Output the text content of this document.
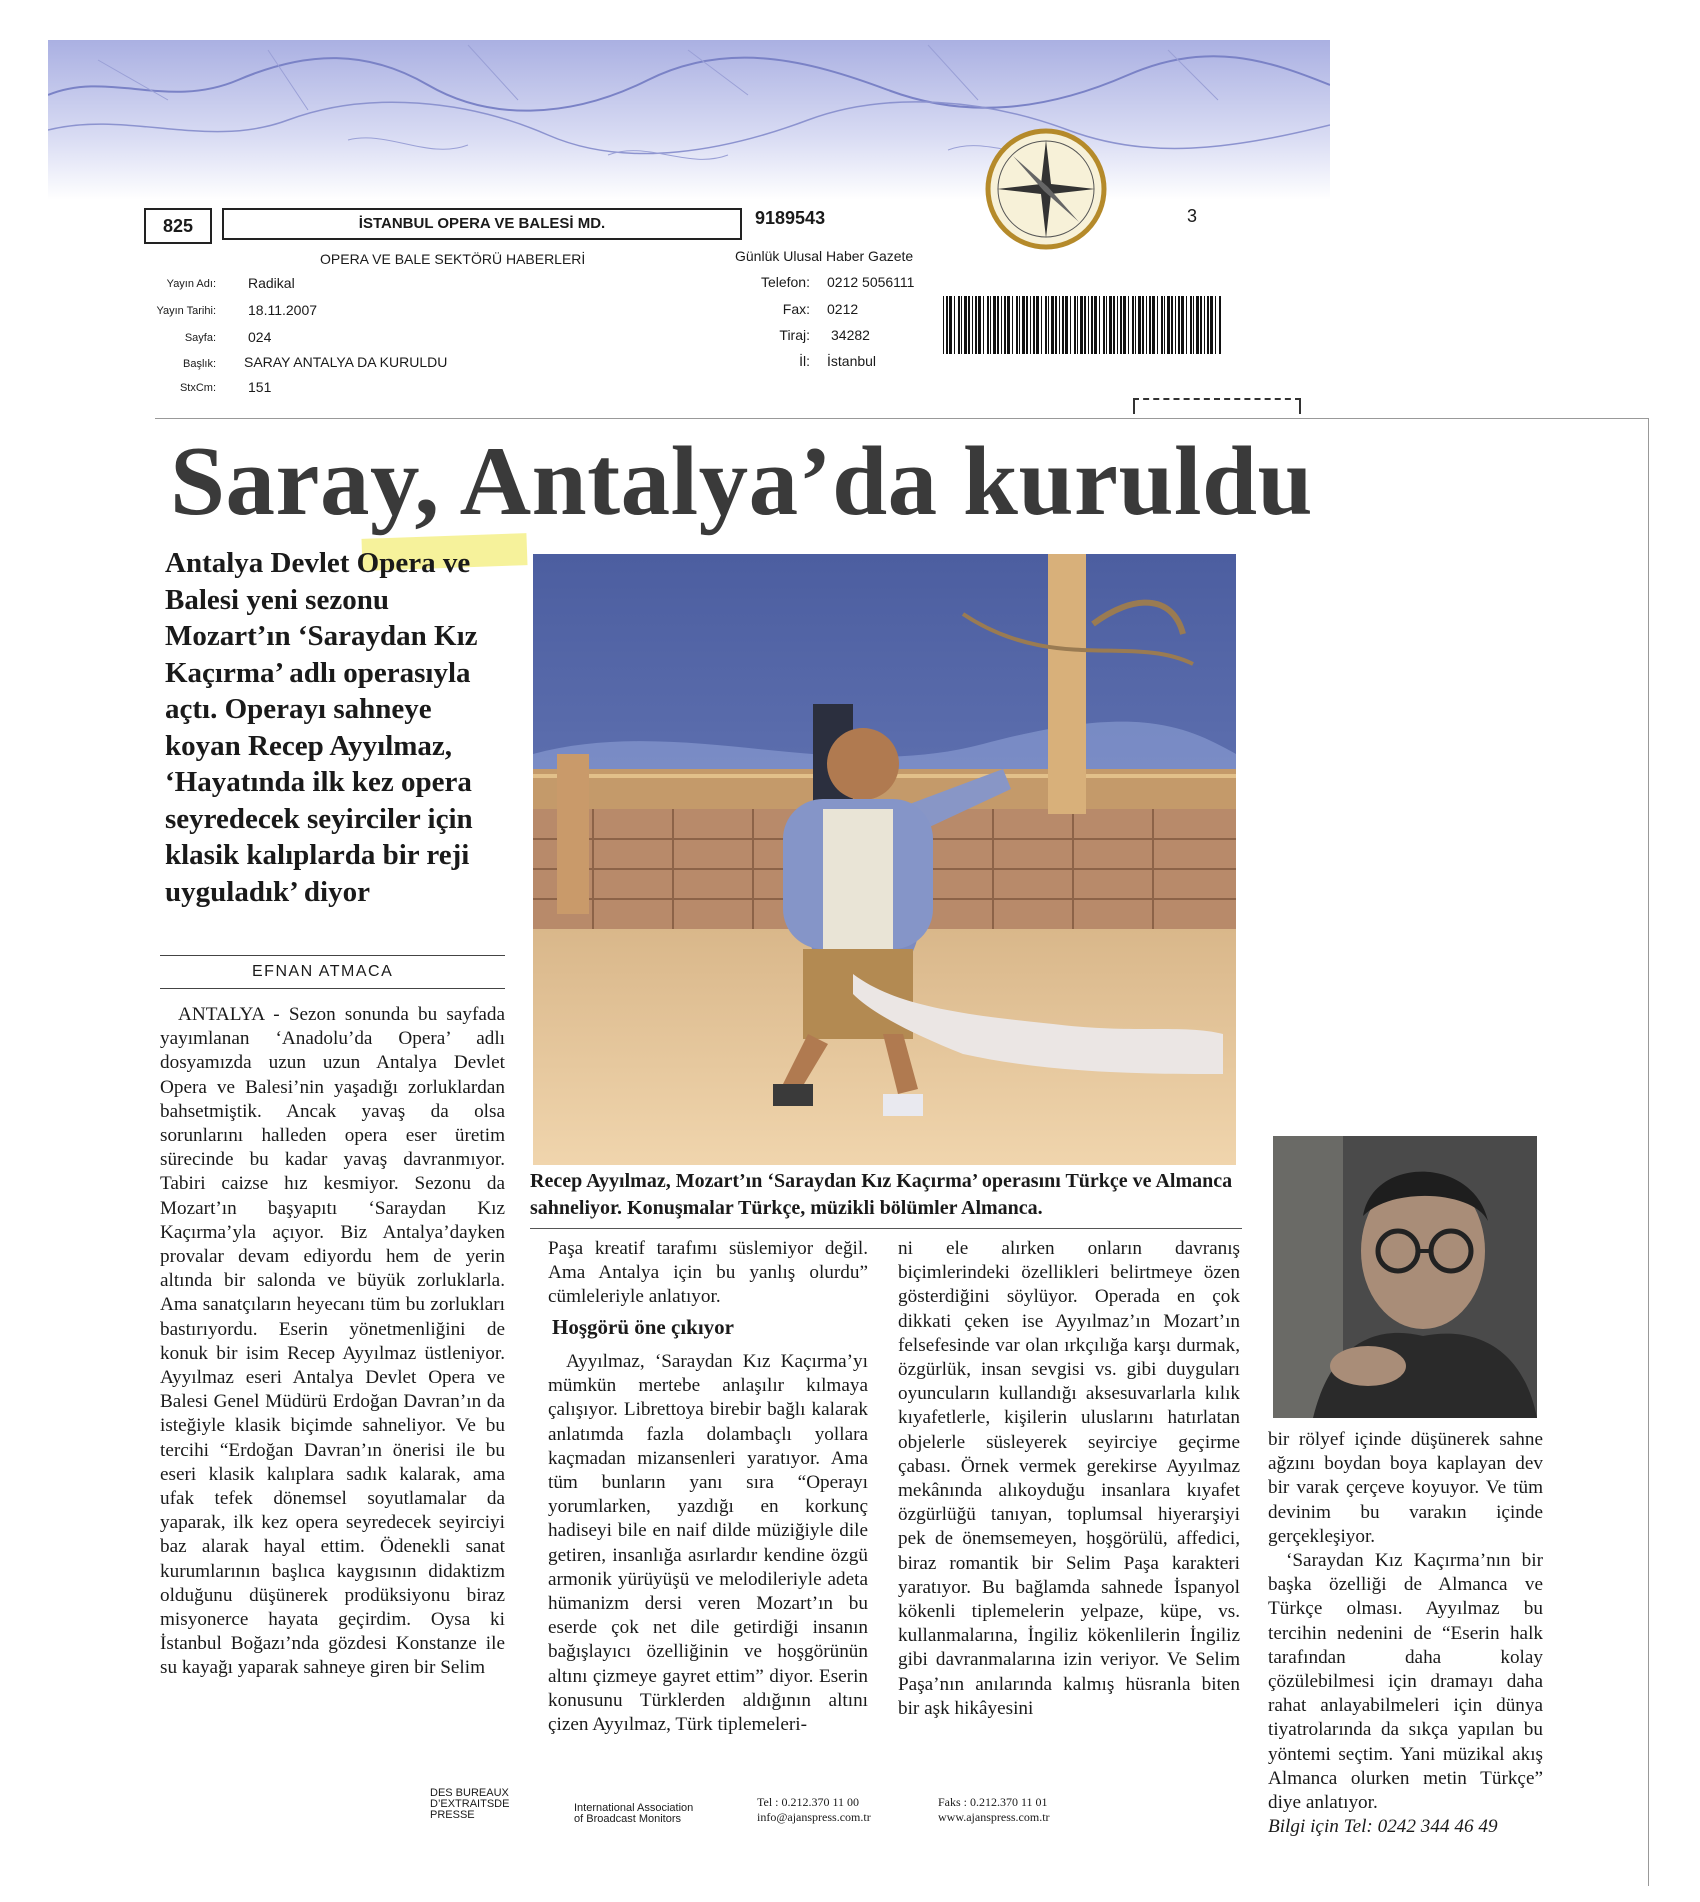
825	İSTANBUL OPERA VE BALESİ MD.	9189543	3
OPERA VE BALE SEKTÖRÜ HABERLERİ	Günlük Ulusal Haber Gazete
Yayın Adı: Radikal
Yayın Tarihi: 18.11.2007
Sayfa: 024
Başlık: SARAY ANTALYA DA KURULDU
StxCm: 151
Telefon: 0212 5056111
Fax: 0212
Tiraj: 34282
İl: İstanbul
Saray, Antalya’da kuruldu
Antalya Devlet Opera ve Balesi yeni sezonu Mozart’ın ‘Saraydan Kız Kaçırma’ adlı operasıyla açtı. Operayı sahneye koyan Recep Ayyılmaz, ‘Hayatında ilk kez opera seyredecek seyirciler için klasik kalıplarda bir reji uyguladık’ diyor
EFNAN ATMACA

ANTALYA - Sezon sonunda bu sayfada yayımlanan ‘Anadolu’da Opera’ adlı dosyamızda uzun uzun Antalya Devlet Opera ve Balesi’nin yaşadığı zorluklardan bahsetmiştik. Ancak yavaş da olsa sorunlarını halleden opera eser üretim sürecinde bu kadar yavaş davranmıyor. Tabiri caizse hız kesmiyor. Sezonu da Mozart’ın başyapıtı ‘Saraydan Kız Kaçırma’yla açıyor. Biz Antalya’dayken provalar devam ediyordu hem de yerin altında bir salonda ve büyük zorluklarla. Ama sanatçıların heyecanı tüm bu zorlukları bastırıyordu. Eserin yönetmenliğini de konuk bir isim Recep Ayyılmaz üstleniyor. Ayyılmaz eseri Antalya Devlet Opera ve Balesi Genel Müdürü Erdoğan Davran’ın da isteğiyle klasik biçimde sahneliyor. Ve bu tercihi “Erdoğan Davran’ın önerisi ile bu eseri klasik kalıplara sadık kalarak, ama ufak tefek dönemsel soyutlamalar da yaparak, ilk kez opera seyredecek seyirciyi baz alarak hayal ettim. Ödenekli sanat kurumlarının başlıca kaygısının didaktizm olduğunu düşünerek prodüksiyonu biraz misyonerce hayata geçirdim. Oysa ki İstanbul Boğazı’nda gözdesi Konstanze ile su kayağı yaparak sahneye giren bir Selim

Recep Ayyılmaz, Mozart’ın ‘Saraydan Kız Kaçırma’ operasını Türkçe ve Almanca sahneliyor. Konuşmalar Türkçe, müzikli bölümler Almanca.

Paşa kreatif tarafımı süslemiyor değil. Ama Antalya için bu yanlış olurdu” cümleleriyle anlatıyor.

Hoşgörü öne çıkıyor

Ayyılmaz, ‘Saraydan Kız Kaçırma’yı mümkün mertebe anlaşılır kılmaya çalışıyor. Librettoya birebir bağlı kalarak anlatımda fazla dolambaçlı yollara kaçmadan mizansenleri yaratıyor. Ama tüm bunların yanı sıra “Operayı yorumlarken, yazdığı en korkunç hadiseyi bile en naif dilde müziğiyle dile getiren, insanlığa asırlardır kendine özgü armonik yürüyüşü ve melodileriyle adeta hümanizm dersi veren Mozart’ın bu eserde çok net dile getirdiği insanın bağışlayıcı özelliğinin ve hoşgörünün altını çizmeye gayret ettim” diyor. Eserin konusunu Türklerden aldığının altını çizen Ayyılmaz, Türk tiplemeleri-

ni ele alırken onların davranış biçimlerindeki özellikleri belirtmeye özen gösterdiğini söylüyor. Operada en çok dikkati çeken ise Ayyılmaz’ın Mozart’ın felsefesinde var olan ırkçılığa karşı durmak, özgürlük, insan sevgisi vs. gibi duyguları oyuncuların kullandığı aksesuvarlarla kılık kıyafetlerle, kişilerin uluslarını hatırlatan objelerle süsleyerek seyirciye geçirme çabası. Örnek vermek gerekirse Ayyılmaz mekânında alıkoyduğu insanlara kıyafet özgürlüğü tanıyan, toplumsal hiyerarşiyi pek de önemsemeyen, hoşgörülü, affedici, biraz romantik bir Selim Paşa karakteri yaratıyor. Bu bağlamda sahnede İspanyol kökenli tiplemelerin yelpaze, küpe, vs. kullanmalarına, İngiliz kökenlilerin İngiliz gibi davranmalarına izin veriyor. Ve Selim Paşa’nın anılarında kalmış hüsranla biten bir aşk hikâyesini

bir rölyef içinde düşünerek sahne ağzını boydan boya kaplayan dev bir varak çerçeve koyuyor. Ve tüm devinim bu varakın içinde gerçekleşiyor.

‘Saraydan Kız Kaçırma’nın bir başka özelliği de Almanca ve Türkçe olması. Ayyılmaz bu tercihin nedenini de “Eserin halk tarafından daha kolay çözülebilmesi için dramayı daha rahat anlayabilmeleri için dünya tiyatrolarında da sıkça yapılan bu yöntemi seçtim. Yani müzikal akış Almanca olurken metin Türkçe” diye anlatıyor.

Bilgi için Tel: 0242 344 46 49

DES BUREAUX
D’EXTRAITSDE
PRESSE
International Association
of Broadcast Monitors
Tel : 0.212.370 11 00
info@ajanspress.com.tr
Faks : 0.212.370 11 01
www.ajanspress.com.tr
